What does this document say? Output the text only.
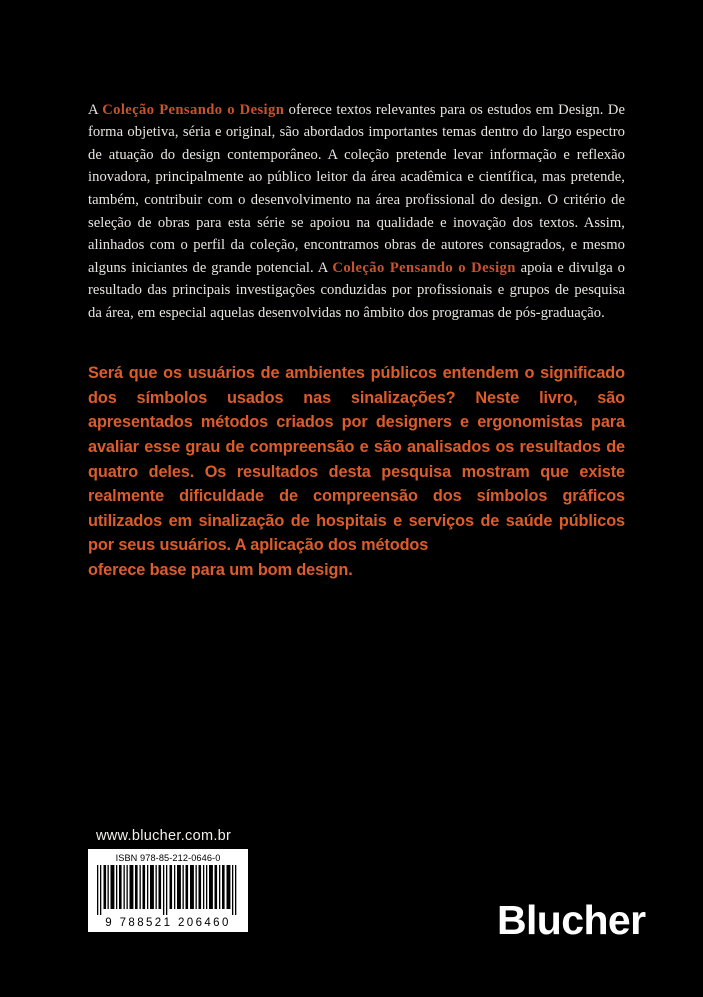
A Coleção Pensando o Design oferece textos relevantes para os estudos em Design. De forma objetiva, séria e original, são abordados importantes temas dentro do largo espectro de atuação do design contemporâneo. A coleção pretende levar informação e reflexão inovadora, principalmente ao público leitor da área acadêmica e científica, mas pretende, também, contribuir com o desenvolvimento na área profissional do design. O critério de seleção de obras para esta série se apoiou na qualidade e inovação dos textos. Assim, alinhados com o perfil da coleção, encontramos obras de autores consagrados, e mesmo alguns iniciantes de grande potencial. A Coleção Pensando o Design apoia e divulga o resultado das principais investigações conduzidas por profissionais e grupos de pesquisa da área, em especial aquelas desenvolvidas no âmbito dos programas de pós-graduação.

Será que os usuários de ambientes públicos entendem o significado dos símbolos usados nas sinalizações? Neste livro, são apresentados métodos criados por designers e ergonomistas para avaliar esse grau de compreensão e são analisados os resultados de quatro deles. Os resultados desta pesquisa mostram que existe realmente dificuldade de compreensão dos símbolos gráficos utilizados em sinalização de hospitais e serviços de saúde públicos por seus usuários. A aplicação dos métodos
oferece base para um bom design.

www.blucher.com.br
ISBN 978-85-212-0646-0
9 788521 206460	Blucher
